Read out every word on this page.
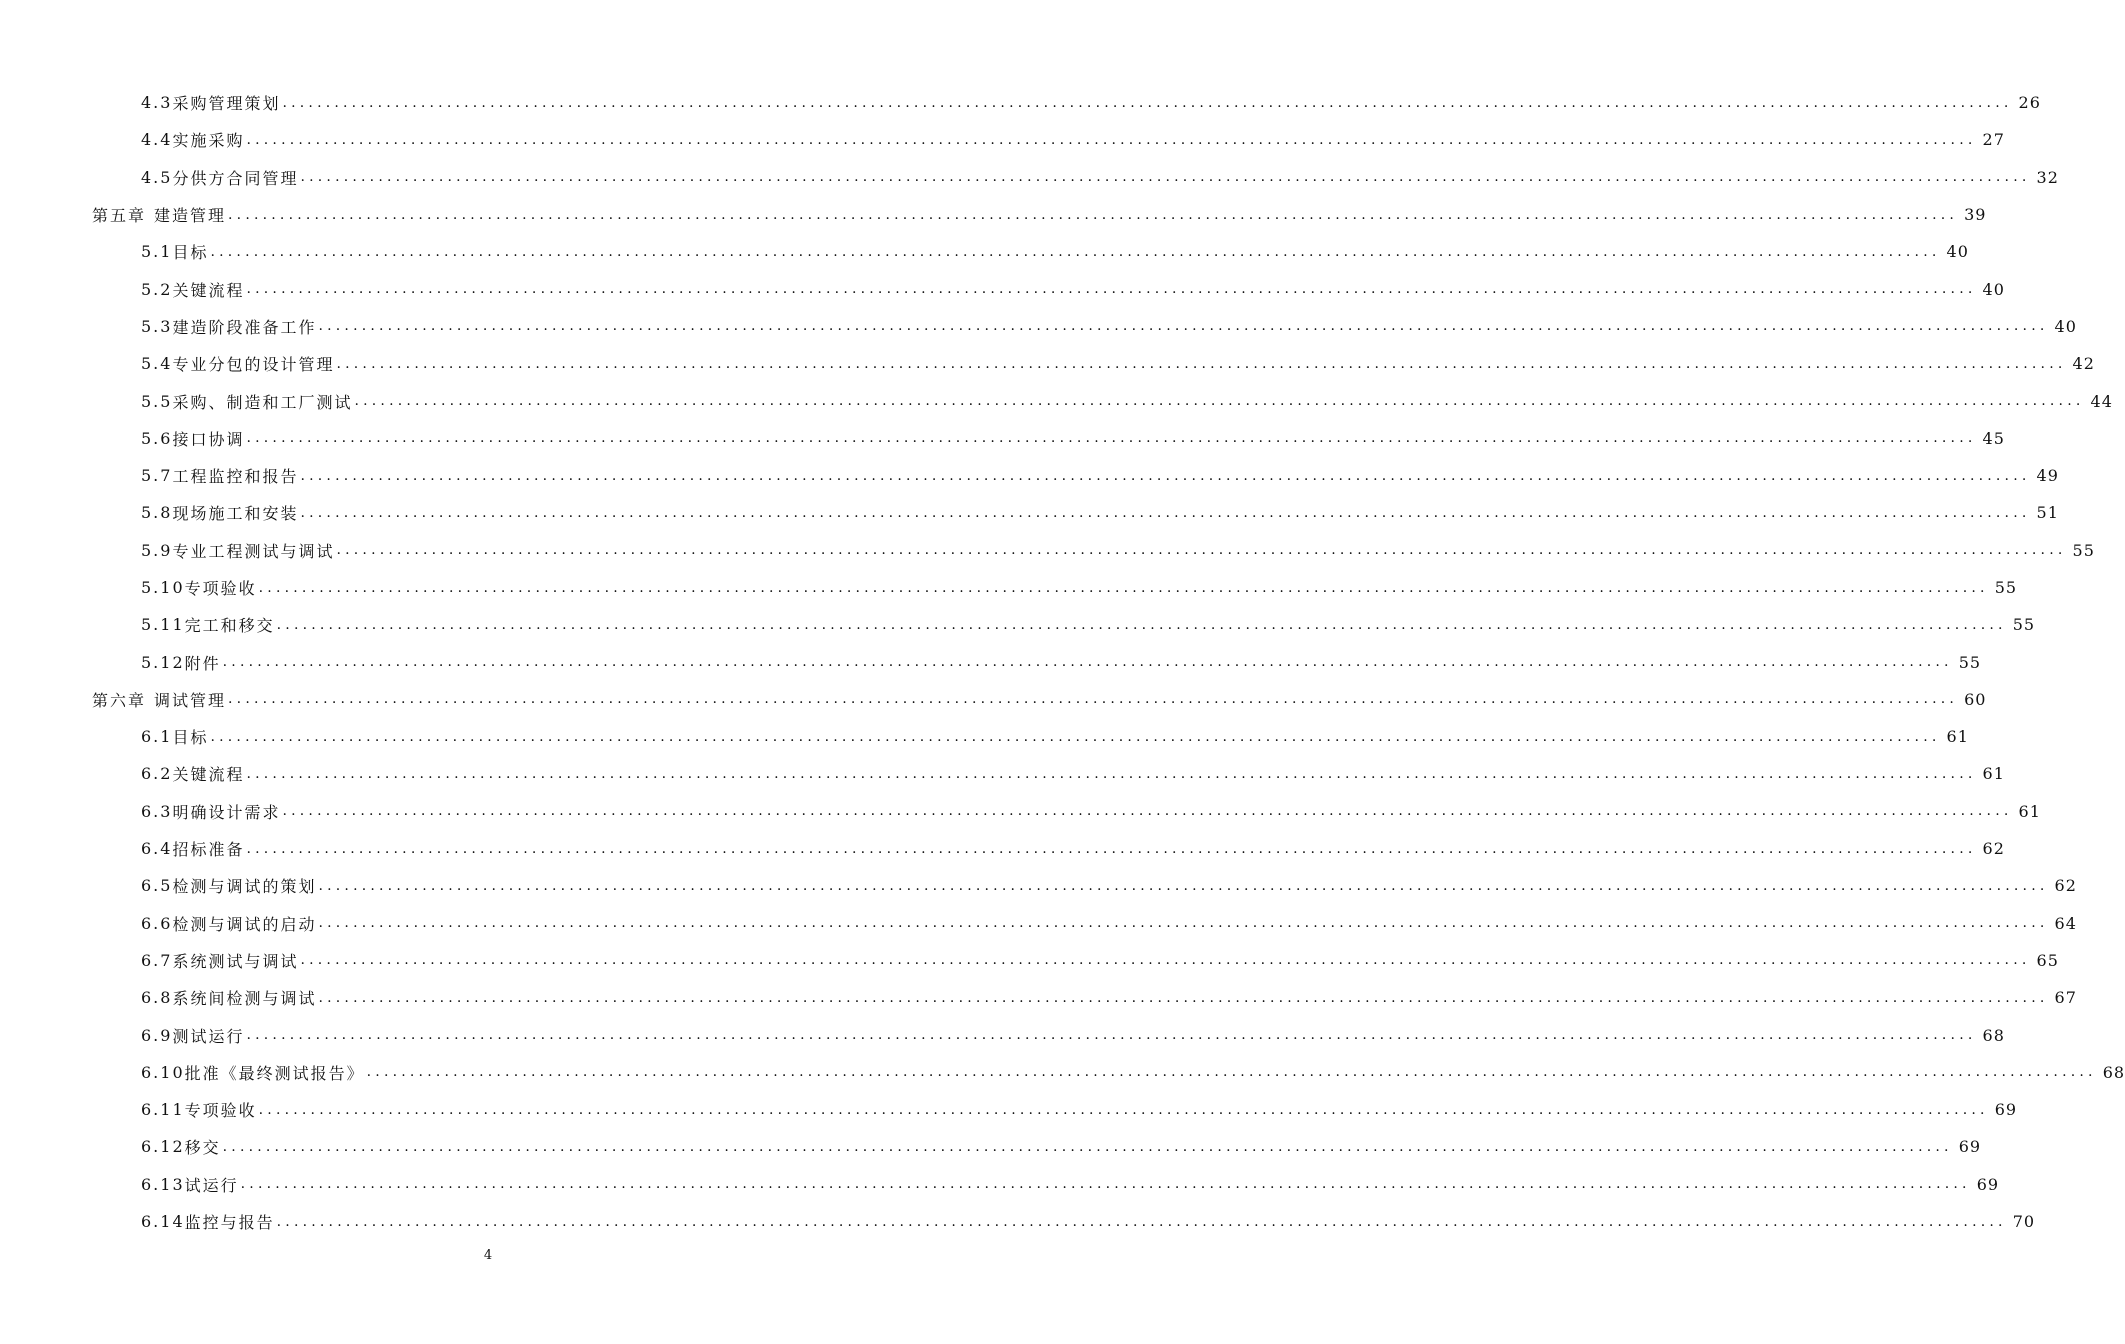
4.3 采购管理策划 ........................................................................................................................................................................................................ 26
4.4 实施采购 ........................................................................................................................................................................................................ 27
4.5 分供方合同管理 ........................................................................................................................................................................................................ 32
第五章 建造管理 ........................................................................................................................................................................................................ 39
5.1 目标 ........................................................................................................................................................................................................ 40
5.2 关键流程 ........................................................................................................................................................................................................ 40
5.3 建造阶段准备工作 ........................................................................................................................................................................................................ 40
5.4 专业分包的设计管理 ........................................................................................................................................................................................................ 42
5.5 采购、制造和工厂测试 ........................................................................................................................................................................................................ 44
5.6 接口协调 ........................................................................................................................................................................................................ 45
5.7 工程监控和报告 ........................................................................................................................................................................................................ 49
5.8 现场施工和安装 ........................................................................................................................................................................................................ 51
5.9 专业工程测试与调试 ........................................................................................................................................................................................................ 55
5.10 专项验收 ........................................................................................................................................................................................................ 55
5.11 完工和移交 ........................................................................................................................................................................................................ 55
5.12 附件 ........................................................................................................................................................................................................ 55
第六章 调试管理 ........................................................................................................................................................................................................ 60
6.1 目标 ........................................................................................................................................................................................................ 61
6.2 关键流程 ........................................................................................................................................................................................................ 61
6.3 明确设计需求 ........................................................................................................................................................................................................ 61
6.4 招标准备 ........................................................................................................................................................................................................ 62
6.5 检测与调试的策划 ........................................................................................................................................................................................................ 62
6.6 检测与调试的启动 ........................................................................................................................................................................................................ 64
6.7 系统测试与调试 ........................................................................................................................................................................................................ 65
6.8 系统间检测与调试 ........................................................................................................................................................................................................ 67
6.9 测试运行 ........................................................................................................................................................................................................ 68
6.10 批准《最终测试报告》 ........................................................................................................................................................................................................ 68
6.11 专项验收 ........................................................................................................................................................................................................ 69
6.12 移交 ........................................................................................................................................................................................................ 69
6.13 试运行 ........................................................................................................................................................................................................ 69
6.14 监控与报告 ........................................................................................................................................................................................................ 70
4
